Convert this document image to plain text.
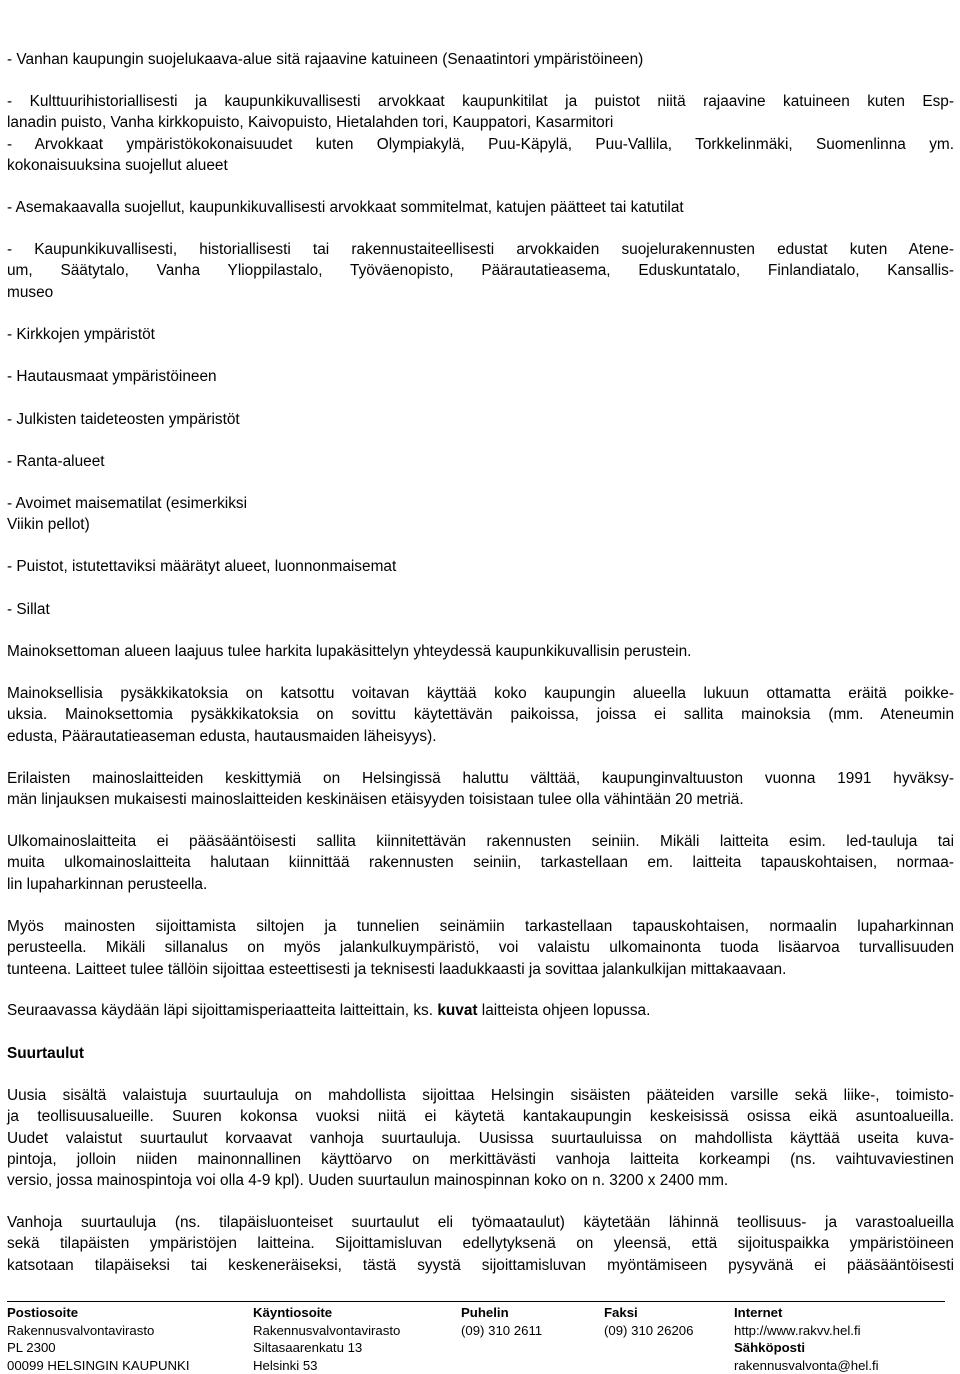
- Vanhan kaupungin suojelukaavа-alue sitä rajaavine katuineen (Senaatintori ympäristöineen)
- Kulttuurihistoriallisesti ja kaupunkikuvallisesti arvokkaat kaupunkitilat ja puistot niitä rajaavine katuineen kuten Esp-
lanadin puisto, Vanha kirkkopuisto, Kaivopuisto, Hietalahden tori, Kauppatori, Kasarmitori
- Arvokkaat ympäristökokonaisuudet kuten Olympiakylä, Puu-Käpylä, Puu-Vallila, Torkkelinmäki, Suomenlinna ym.
kokonaisuuksina suojellut alueet
- Asemakaavalla suojellut, kaupunkikuvallisesti arvokkaat sommitelmat, katujen päätteet tai katutilat
- Kaupunkikuvallisesti, historiallisesti tai rakennustaiteellisesti arvokkaiden suojelurakennusten edustat kuten Atene-
um, Säätytalo, Vanha Ylioppilastalo, Työväenopisto, Päärautatieasema, Eduskuntatalo, Finlandiatalo, Kansallis-
museo
- Kirkkojen ympäristöt
- Hautausmaat ympäristöineen
- Julkisten taideteosten ympäristöt
- Ranta-alueet
- Avoimet maisematilat (esimerkiksi
Viikin pellot)
- Puistot, istutettaviksi määrätyt alueet, luonnonmaisemat
- Sillat
Mainoksettoman alueen laajuus tulee harkita lupakäsittelyn yhteydessä kaupunkikuvallisin perustein.
Mainoksellisia pysäkkikatoksia on katsottu voitavan käyttää koko kaupungin alueella lukuun ottamatta eräitä poikke-
uksia. Mainoksettomia pysäkkikatoksia on sovittu käytettävän paikoissa, joissa ei sallita mainoksia (mm. Ateneumin
edusta, Päärautatieaseman edusta, hautausmaiden läheisyys).
Erilaisten mainoslaitteiden keskittymiä on Helsingissä haluttu välttää, kaupunginvaltuuston vuonna 1991 hyväksy-
män linjauksen mukaisesti mainoslaitteiden keskinäisen etäisyyden toisistaan tulee olla vähintään 20 metriä.
Ulkomainoslaitteita ei pääsääntöisesti sallita kiinnitettävän rakennusten seiniin. Mikäli laitteita esim. led-tauluja tai
muita ulkomainoslaitteita halutaan kiinnittää rakennusten seiniin, tarkastellaan em. laitteita tapauskohtaisen, normaa-
lin lupaharkinnan perusteella.
Myös mainosten sijoittamista siltojen ja tunnelien seinämiin tarkastellaan tapauskohtaisen, normaalin lupaharkinnan
perusteella. Mikäli sillanalus on myös jalankulkuympäristö, voi valaistu ulkomainonta tuoda lisäarvoa turvallisuuden
tunteena. Laitteet tulee tällöin sijoittaa esteettisesti ja teknisesti laadukkaasti ja sovittaa jalankulkijan mittakaavaan.
Seuraavassa käydään läpi sijoittamisperiaatteita laitteittain, ks. kuvat laitteista ohjeen lopussa.
Suurtaulut
Uusia sisältä valaistuja suurtauluja on mahdollista sijoittaa Helsingin sisäisten pääteiden varsille sekä liike-, toimisto-
ja teollisuusalueille. Suuren kokonsa vuoksi niitä ei käytetä kantakaupungin keskeisissä osissa eikä asuntoalueilla.
Uudet valaistut suurtaulut korvaavat vanhoja suurtauluja. Uusissa suurtauluissa on mahdollista käyttää useita kuva-
pintoja, jolloin niiden mainonnallinen käyttöarvo on merkittävästi vanhoja laitteita korkeampi (ns. vaihtuvaviestinen
versio, jossa mainospintoja voi olla 4-9 kpl). Uuden suurtaulun mainospinnan koko on n. 3200 x 2400 mm.
Vanhoja suurtauluja (ns. tilapäisluonteiset suurtaulut eli työmaataulut) käytetään lähinnä teollisuus- ja varastoalueilla
sekä tilapäisten ympäristöjen laitteina. Sijoittamisluvan edellytyksenä on yleensä, että sijoituspaikka ympäristöineen
katsotaan tilapäiseksi tai keskeneräiseksi, tästä syystä sijoittamisluvan myöntämiseen pysyvänä ei pääsääntöisesti
Postiosoite
Rakennusvalvontavirasto
PL 2300
00099 HELSINGIN KAUPUNKI
Käyntiosoite
Rakennusvalvontavirasto
Siltasaarenkatu 13
Helsinki 53
Puhelin
(09) 310 2611
Faksi
(09) 310 26206
Internet
http://www.rakvv.hel.fi
Sähköposti
rakennusvalvonta@hel.fi
